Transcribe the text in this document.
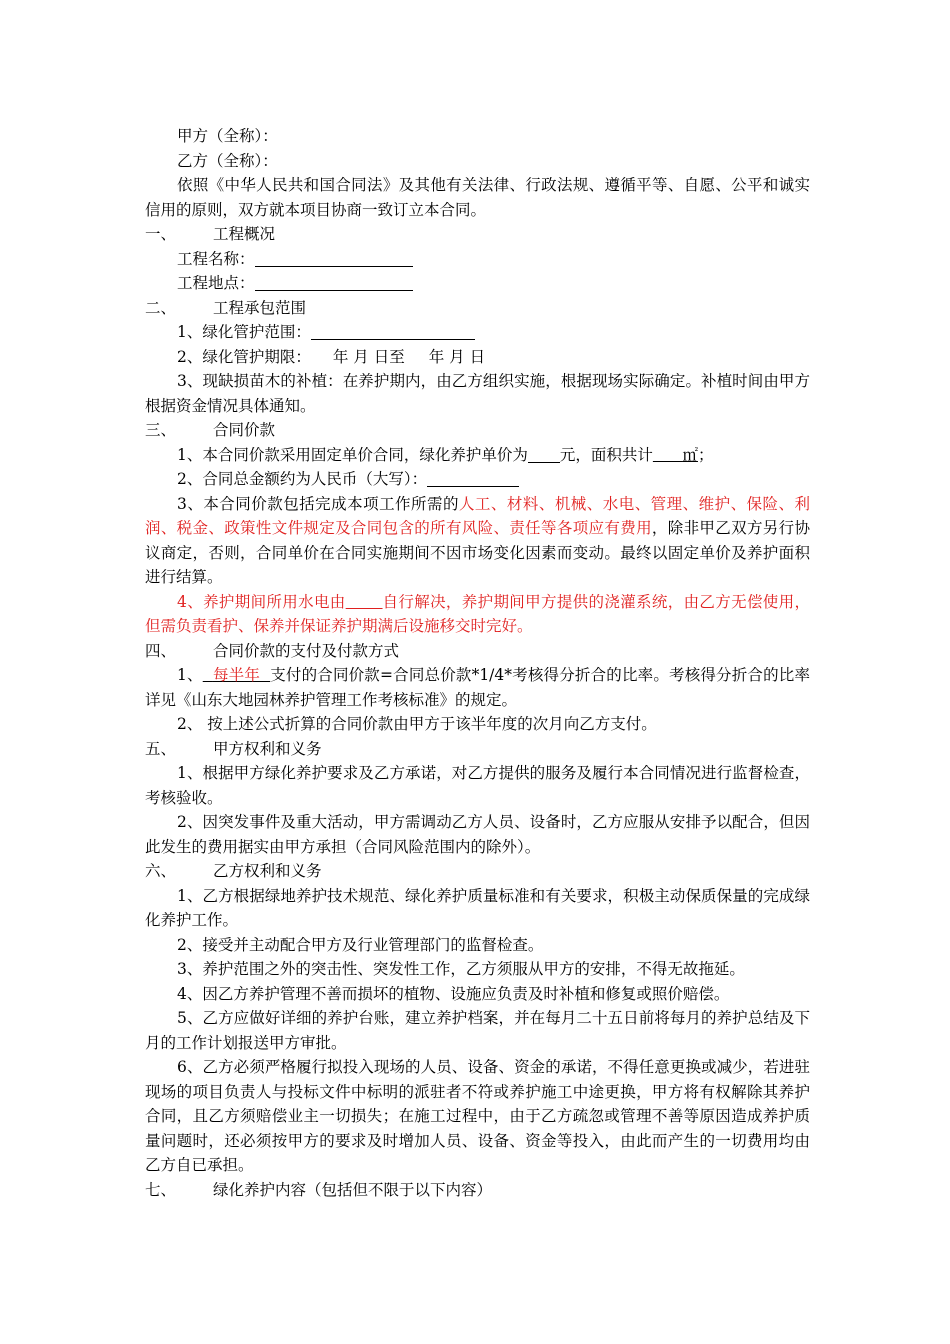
甲方（全称）：
乙方（全称）：
依照《中华人民共和国合同法》及其他有关法律、行政法规、遵循平等、自愿、公平和诚实信用的原则，双方就本项目协商一致订立本合同。
一、	工程概况
工程名称：
工程地点：
二、	工程承包范围
1、绿化管护范围：
2、绿化管护期限： 年 月 日至 年 月 日
3、现缺损苗木的补植：在养护期内，由乙方组织实施，根据现场实际确定。补植时间由甲方根据资金情况具体通知。
三、	合同价款
1、本合同价款采用固定单价合同，绿化养护单价为 元，面积共计 ㎡；
2、合同总金额约为人民币（大写）：
3、本合同价款包括完成本项工作所需的人工、材料、机械、水电、管理、维护、保险、利润、税金、政策性文件规定及合同包含的所有风险、责任等各项应有费用，除非甲乙双方另行协议商定，否则，合同单价在合同实施期间不因市场变化因素而变动。最终以固定单价及养护面积进行结算。
4、养护期间所用水电由 自行解决，养护期间甲方提供的浇灌系统，由乙方无偿使用，但需负责看护、保养并保证养护期满后设施移交时完好。
四、	合同价款的支付及付款方式
1、 每半年 支付的合同价款=合同总价款*1/4*考核得分折合的比率。考核得分折合的比率详见《山东大地园林养护管理工作考核标准》的规定。
2、 按上述公式折算的合同价款由甲方于该半年度的次月向乙方支付。
五、	甲方权利和义务
1、根据甲方绿化养护要求及乙方承诺，对乙方提供的服务及履行本合同情况进行监督检查，考核验收。
2、因突发事件及重大活动，甲方需调动乙方人员、设备时，乙方应服从安排予以配合，但因此发生的费用据实由甲方承担（合同风险范围内的除外）。
六、	乙方权利和义务
1、乙方根据绿地养护技术规范、绿化养护质量标准和有关要求，积极主动保质保量的完成绿化养护工作。
2、接受并主动配合甲方及行业管理部门的监督检查。
3、养护范围之外的突击性、突发性工作，乙方须服从甲方的安排，不得无故拖延。
4、因乙方养护管理不善而损坏的植物、设施应负责及时补植和修复或照价赔偿。
5、乙方应做好详细的养护台账，建立养护档案，并在每月二十五日前将每月的养护总结及下月的工作计划报送甲方审批。
6、乙方必须严格履行拟投入现场的人员、设备、资金的承诺，不得任意更换或减少，若进驻现场的项目负责人与投标文件中标明的派驻者不符或养护施工中途更换，甲方将有权解除其养护合同，且乙方须赔偿业主一切损失；在施工过程中，由于乙方疏忽或管理不善等原因造成养护质量问题时，还必须按甲方的要求及时增加人员、设备、资金等投入，由此而产生的一切费用均由乙方自已承担。
七、	绿化养护内容（包括但不限于以下内容）
